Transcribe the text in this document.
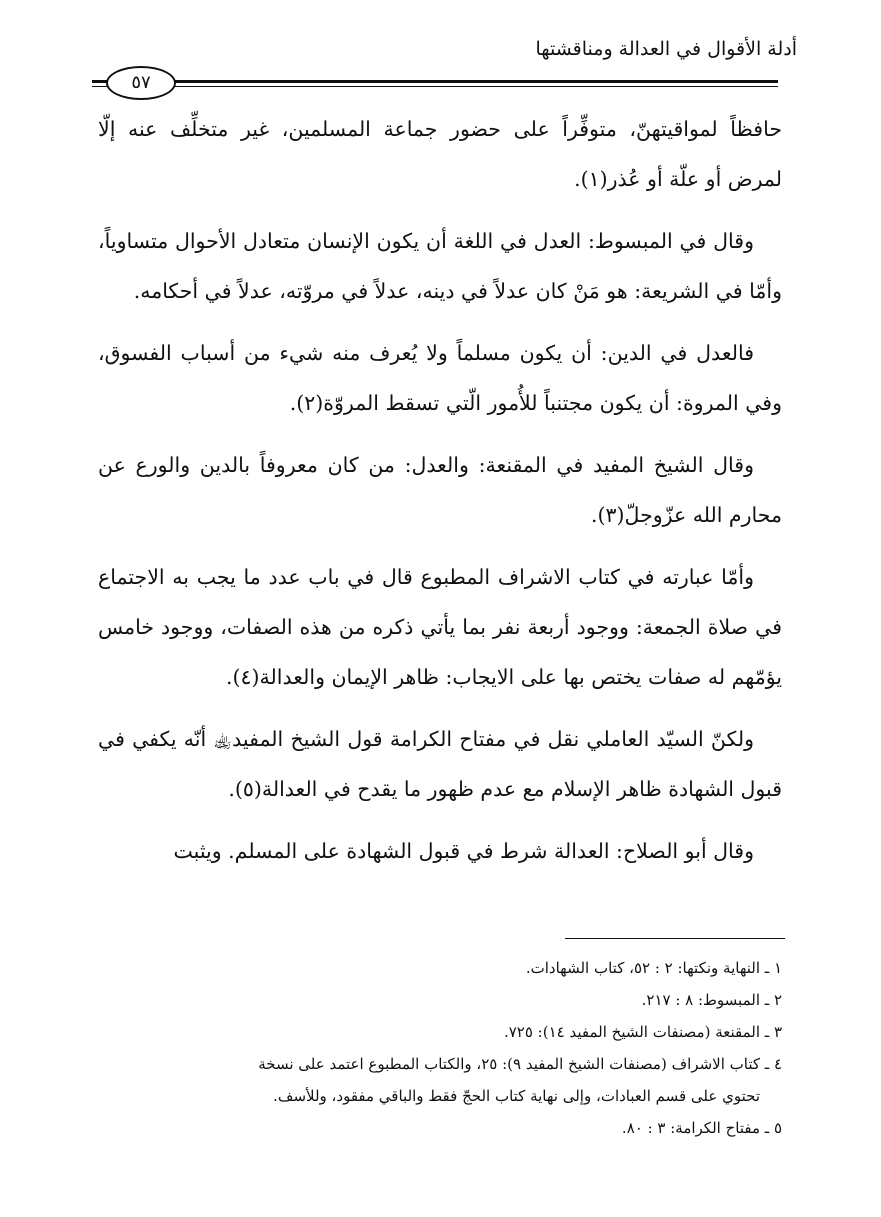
أدلة الأقوال في العدالة ومناقشتها
٥٧

حافظاً لمواقيتهنّ، متوفِّراً على حضور جماعة المسلمين، غير متخلِّف عنه إلّا لمرض أو علّة أو عُذر(١).

وقال في المبسوط: العدل في اللغة أن يكون الإنسان متعادل الأحوال متساوياً، وأمّا في الشريعة: هو مَنْ كان عدلاً في دينه، عدلاً في مروّته، عدلاً في أحكامه.

فالعدل في الدين: أن يكون مسلماً ولا يُعرف منه شيء من أسباب الفسوق، وفي المروة: أن يكون مجتنباً للأُمور الّتي تسقط المروّة(٢).

وقال الشيخ المفيد في المقنعة: والعدل: من كان معروفاً بالدين والورع عن محارم الله عزّوجلّ(٣).

وأمّا عبارته في كتاب الاشراف المطبوع قال في باب عدد ما يجب به الاجتماع في صلاة الجمعة: ووجود أربعة نفر بما يأتي ذكره من هذه الصفات، ووجود خامس يؤمّهم له صفات يختص بها على الايجاب: ظاهر الإيمان والعدالة(٤).

ولكنّ السيّد العاملي نقل في مفتاح الكرامة قول الشيخ المفيد﵀ أنّه يكفي في قبول الشهادة ظاهر الإسلام مع عدم ظهور ما يقدح في العدالة(٥).

وقال أبو الصلاح: العدالة شرط في قبول الشهادة على المسلم. ويثبت

١ ـ النهاية ونكتها: ٢ : ٥٢، كتاب الشهادات.

٢ ـ المبسوط: ٨ : ٢١٧.

٣ ـ المقنعة (مصنفات الشيخ المفيد ١٤): ٧٢٥.

٤ ـ كتاب الاشراف (مصنفات الشيخ المفيد ٩): ٢٥، والكتاب المطبوع اعتمد على نسخة

تحتوي على قسم العبادات، وإلى نهاية كتاب الحجّ فقط والباقي مفقود، وللأسف.

٥ ـ مفتاح الكرامة: ٣ : ٨٠.
